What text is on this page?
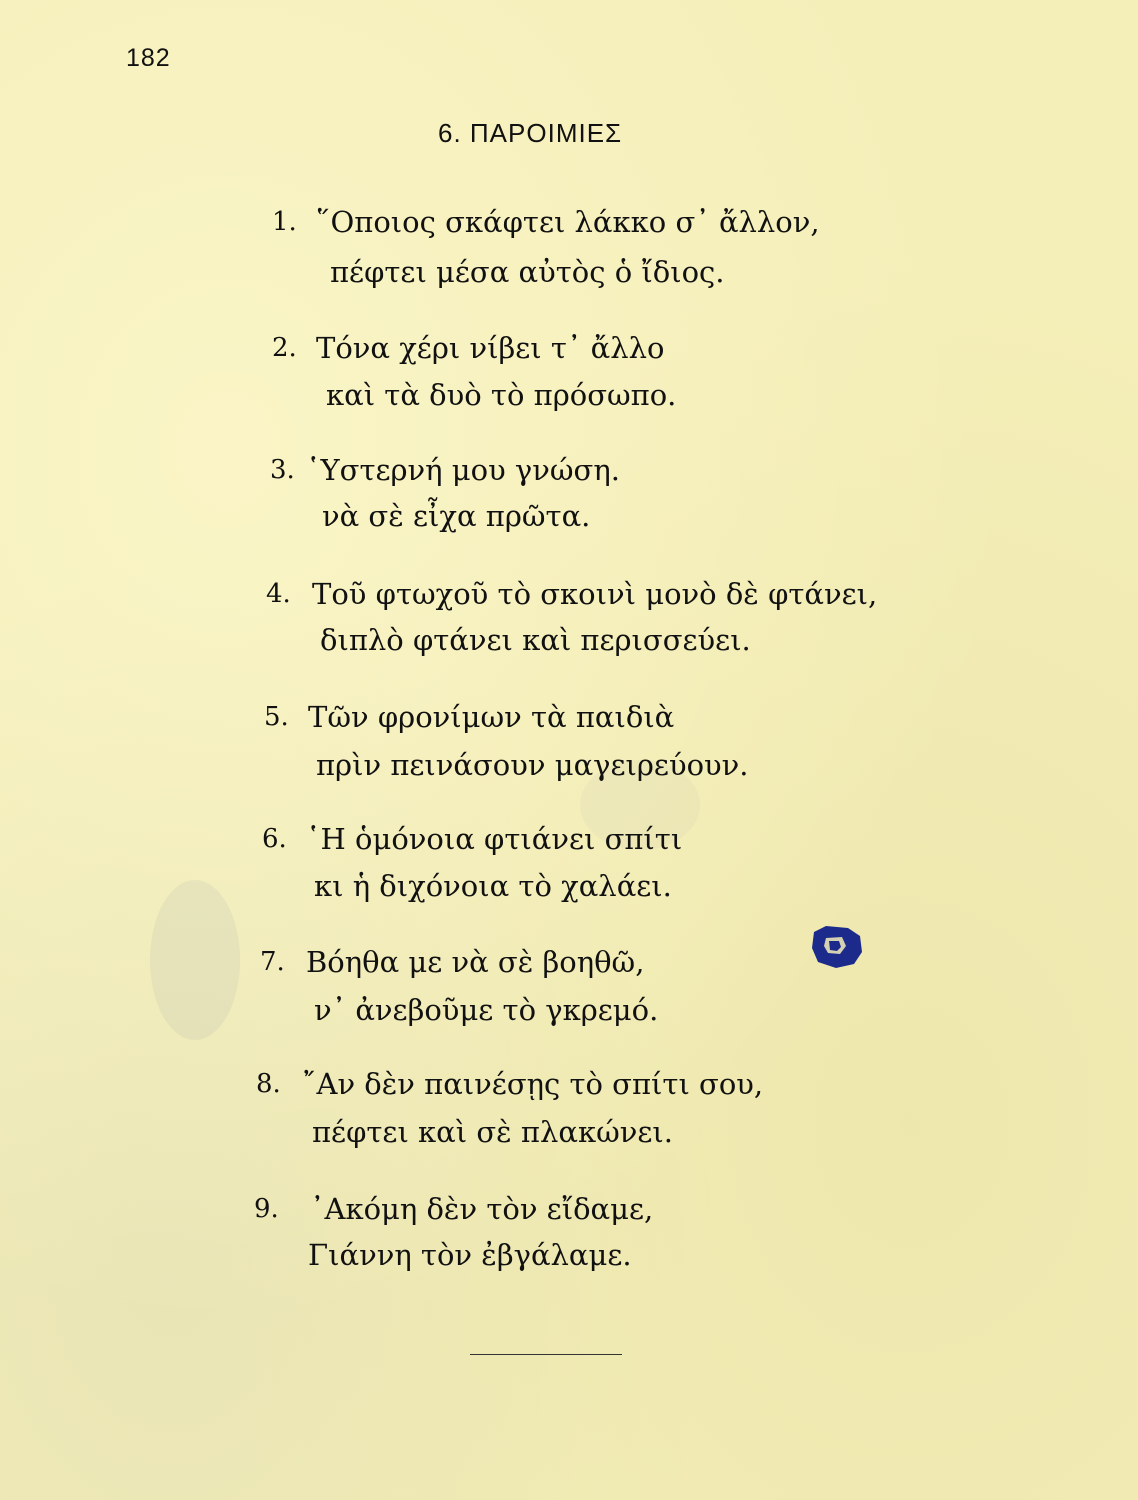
182
6. ΠΑΡΟΙΜΙΕΣ
1. ῞Οποιος σκάφτει λάκκο σ᾽ ἄλλον,
πέφτει μέσα αὐτὸς ὁ ἴδιος.
2. Τόνα χέρι νίβει τ᾽ ἄλλο
καὶ τὰ δυὸ τὸ πρόσωπο.
3. ῾Υστερνή μου γνώση.
νὰ σὲ εἶχα πρῶτα.
4. Τοῦ φτωχοῦ τὸ σκοινὶ μονὸ δὲ φτάνει,
διπλὸ φτάνει καὶ περισσεύει.
5. Τῶν φρονίμων τὰ παιδιὰ
πρὶν πεινάσουν μαγειρεύουν.
6. ῾Η ὁμόνοια φτιάνει σπίτι
κι ἡ διχόνοια τὸ χαλάει.
7. Βόηθα με νὰ σὲ βοηθῶ,
ν᾽ ἀνεβοῦμε τὸ γκρεμό.
8. ῎Αν δὲν παινέσῃς τὸ σπίτι σου,
πέφτει καὶ σὲ πλακώνει.
9. ᾽Ακόμη δὲν τὸν εἴδαμε,
Γιάννη τὸν ἐβγάλαμε.
